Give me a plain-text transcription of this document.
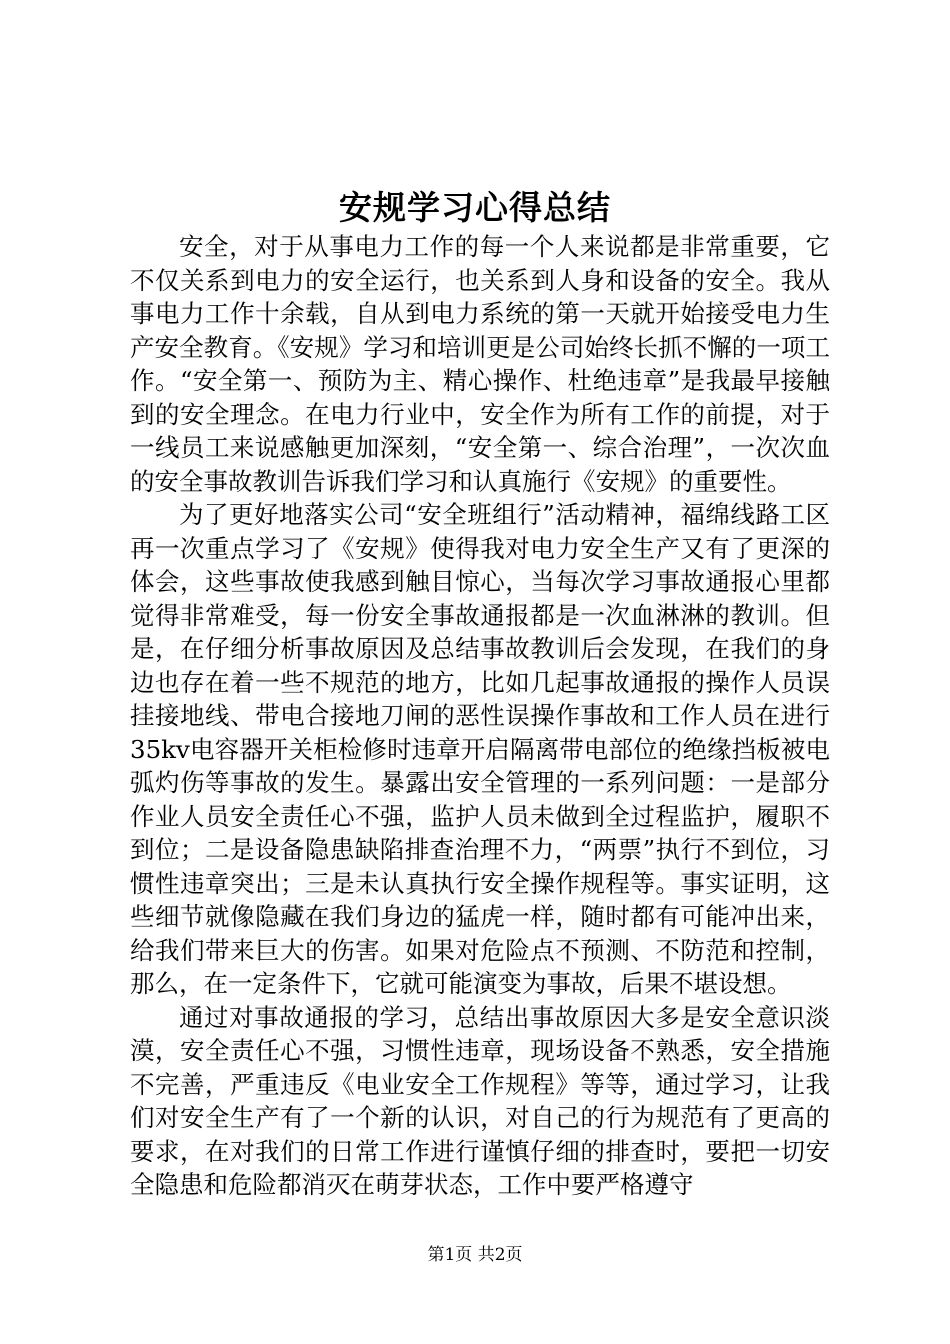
安规学习心得总结

安全，对于从事电力工作的每一个人来说都是非常重要，它不仅关系到电力的安全运行，也关系到人身和设备的安全。我从事电力工作十余载，自从到电力系统的第一天就开始接受电力生产安全教育。《安规》学习和培训更是公司始终长抓不懈的一项工作。“安全第一、预防为主、精心操作、杜绝违章”是我最早接触到的安全理念。在电力行业中，安全作为所有工作的前提，对于一线员工来说感触更加深刻，“安全第一、综合治理”，一次次血的安全事故教训告诉我们学习和认真施行《安规》的重要性。

为了更好地落实公司“安全班组行”活动精神，福绵线路工区再一次重点学习了《安规》使得我对电力安全生产又有了更深的体会，这些事故使我感到触目惊心，当每次学习事故通报心里都觉得非常难受，每一份安全事故通报都是一次血淋淋的教训。但是，在仔细分析事故原因及总结事故教训后会发现，在我们的身边也存在着一些不规范的地方，比如几起事故通报的操作人员误挂接地线、带电合接地刀闸的恶性误操作事故和工作人员在进行35kv电容器开关柜检修时违章开启隔离带电部位的绝缘挡板被电弧灼伤等事故的发生。暴露出安全管理的一系列问题：一是部分作业人员安全责任心不强，监护人员未做到全过程监护，履职不到位；二是设备隐患缺陷排查治理不力，“两票”执行不到位，习惯性违章突出；三是未认真执行安全操作规程等。事实证明，这些细节就像隐藏在我们身边的猛虎一样，随时都有可能冲出来，给我们带来巨大的伤害。如果对危险点不预测、不防范和控制，那么，在一定条件下，它就可能演变为事故，后果不堪设想。

通过对事故通报的学习，总结出事故原因大多是安全意识淡漠，安全责任心不强，习惯性违章，现场设备不熟悉，安全措施不完善，严重违反《电业安全工作规程》等等，通过学习，让我们对安全生产有了一个新的认识，对自己的行为规范有了更高的要求，在对我们的日常工作进行谨慎仔细的排查时，要把一切安全隐患和危险都消灭在萌芽状态，工作中要严格遵守

第1页 共2页
